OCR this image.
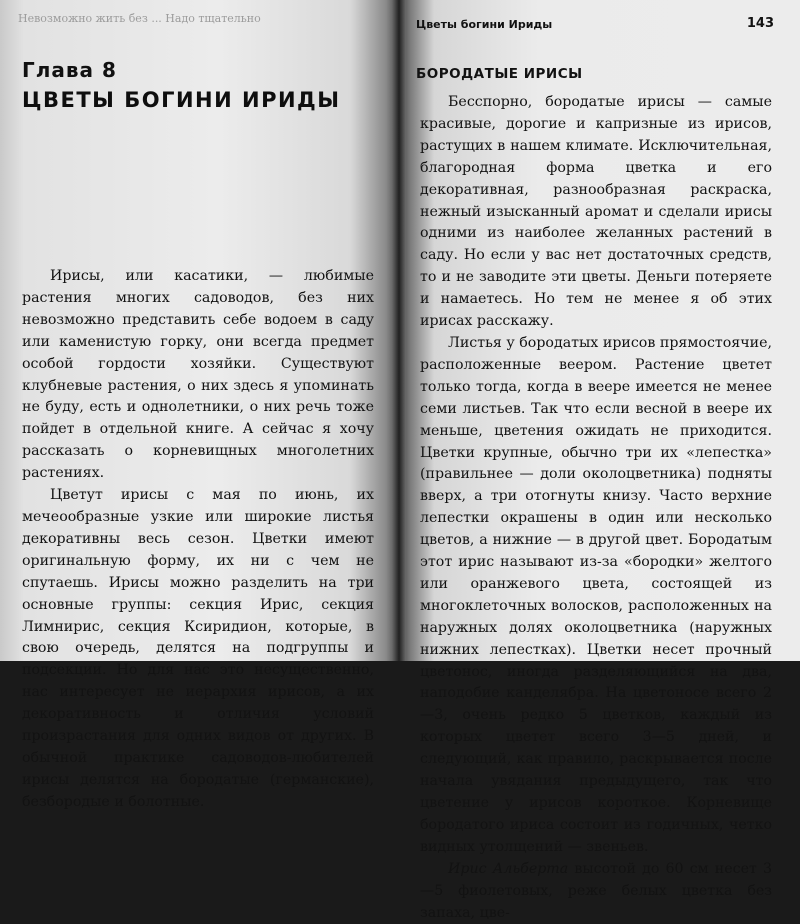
Невозможно жить без ... Надо тщательно
Глава 8
ЦВЕТЫ БОГИНИ ИРИДЫ

Ирисы, или касатики, — любимые растения многих садоводов, без них невозможно представить себе водоем в саду или каменистую горку, они всегда предмет особой гордости хозяйки. Существуют клубневые растения, о них здесь я упоминать не буду, есть и однолетники, о них речь тоже пойдет в отдельной книге. А сейчас я хочу рассказать о корневищных многолетних растениях.

Цветут ирисы с мая по июнь, их мечеообразные узкие или широкие листья декоративны весь сезон. Цветки имеют оригинальную форму, их ни с чем не спутаешь. Ирисы можно разделить на три основные группы: секция Ирис, секция Лимнирис, секция Ксиридион, которые, в свою очередь, делятся на подгруппы и подсекции. Но для нас это несущественно, нас интересует не иерархия ирисов, а их декоративность и отличия условий произрастания для одних видов от других. В обычной практике садоводов-любителей ирисы делятся на бородатые (германские), безбородые и болотные.

Цветы богини Ириды	143
БОРОДАТЫЕ ИРИСЫ

Бесспорно, бородатые ирисы — самые красивые, дорогие и капризные из ирисов, растущих в нашем климате. Исключительная, благородная форма цветка и его декоративная, разнообразная раскраска, нежный изысканный аромат и сделали ирисы одними из наиболее желанных растений в саду. Но если у вас нет достаточных средств, то и не заводите эти цветы. Деньги потеряете и намаетесь. Но тем не менее я об этих ирисах расскажу.

Листья у бородатых ирисов прямостоячие, расположенные веером. Растение цветет только тогда, когда в веере имеется не менее семи листьев. Так что если весной в веере их меньше, цветения ожидать не приходится. Цветки крупные, обычно три их «лепестка» (правильнее — доли околоцветника) подняты вверх, а три отогнуты книзу. Часто верхние лепестки окрашены в один или несколько цветов, а нижние — в другой цвет. Бородатым этот ирис называют из-за «бородки» желтого или оранжевого цвета, состоящей из многоклеточных волосков, расположенных на наружных долях околоцветника (наружных нижних лепестках). Цветки несет прочный цветонос, иногда разделяющийся на два, наподобие канделябра. На цветоносе всего 2—3, очень редко 5 цветков, каждый из которых цветет всего 3—5 дней, и следующий, как правило, раскрывается после начала увядания предыдущего, так что цветение у ирисов короткое. Корневище бородатого ириса состоит из годичных, четко видных утолщений — звеньев.

Ирис Альберта высотой до 60 см несет 3—5 фиолетовых, реже белых цветка без запаха, цве-
